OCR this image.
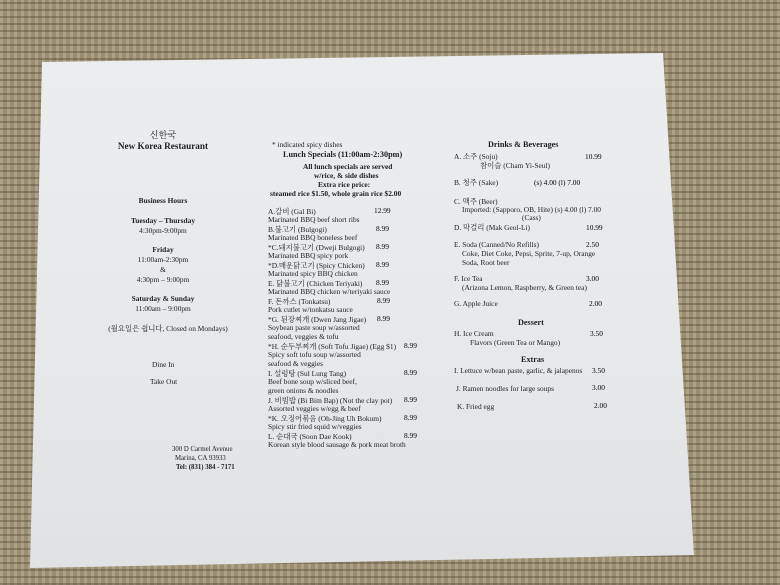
신한국
New Korea Restaurant
Business Hours
Tuesday – Thursday
4:30pm-9:00pm
Friday
11:00am-2:30pm
&
4:30pm – 9:00pm
Saturday & Sunday
11:00am – 9:00pm
(월요일은 쉽니다, Closed on Mondays)
Dine In
Take Out
300 D Carmel Avenue
Marina, CA 93933
Tel: (831) 384 - 7171
* indicated spicy dishes
Lunch Specials (11:00am-2:30pm)
All lunch specials are served
w/rice, & side dishes
Extra rice price:
steamed rice $1.50, whole grain rice $2.00
A.갈비 (Gal Bi)	12.99
Marinated BBQ beef short ribs
B.불고기 (Bulgogi)	8.99
Marinated BBQ boneless beef
*C.돼지불고기 (Dweji Bulgogi) 8.99
Marinated BBQ spicy pork
*D.매운닭고기 (Spicy Chicken) 8.99
Marinated spicy BBQ chicken
E. 닭불고기 (Chicken Teriyaki) 8.99
Marinated BBQ chicken w/teriyaki sauce
F. 돈까스 (Tonkatsu)	8.99
Pork cutlet w/tonkatsu sauce
*G. 된장찌개 (Dwen Jang Jigae) 8.99
Soybean paste soup w/assorted seafood, veggies & tofu
*H. 순두부찌개 (Soft Tofu Jigae) (Egg $1) 8.99
Spicy soft tofu soup w/assorted seafood & veggies
I. 설렁탕 (Sul Lung Tang)	8.99
Beef bone soup w/sliced beef, green onions & noodles
J. 비빔밥 (Bi Bim Bap) (Not the clay pot) 8.99
Assorted veggies w/egg & beef
*K. 오징어볶음 (Oh-Jing Uh Bokum)	8.99
Spicy stir fried squid w/veggies
L. 순대국 (Soon Dae Kook)	8.99
Korean style blood sausage & pork meat broth
Drinks & Beverages
A. 소주 (Soju)	10.99
참이슬 (Cham Yi-Seul)
B. 청주 (Sake)	(s) 4.00 (l) 7.00
C. 맥주 (Beer)
Imported: (Sapporo, OB, Hite) (s) 4.00 (l) 7.00
(Cass)
D. 막걸리 (Mak Geol-Li)	10.99
E. Soda (Canned/No Refills)	2.50
Coke, Diet Coke, Pepsi, Sprite, 7-up, Orange
Soda, Root beer
F. Ice Tea	3.00
(Arizona Lemon, Raspberry, & Green tea)
G. Apple Juice	2.00
Dessert
H. Ice Cream	3.50
Flavors (Green Tea or Mango)
Extras
I. Lettuce w/bean paste, garlic, & jalapenos 3.50
J. Ramen noodles for large soups	3.00
K. Fried egg	2.00
